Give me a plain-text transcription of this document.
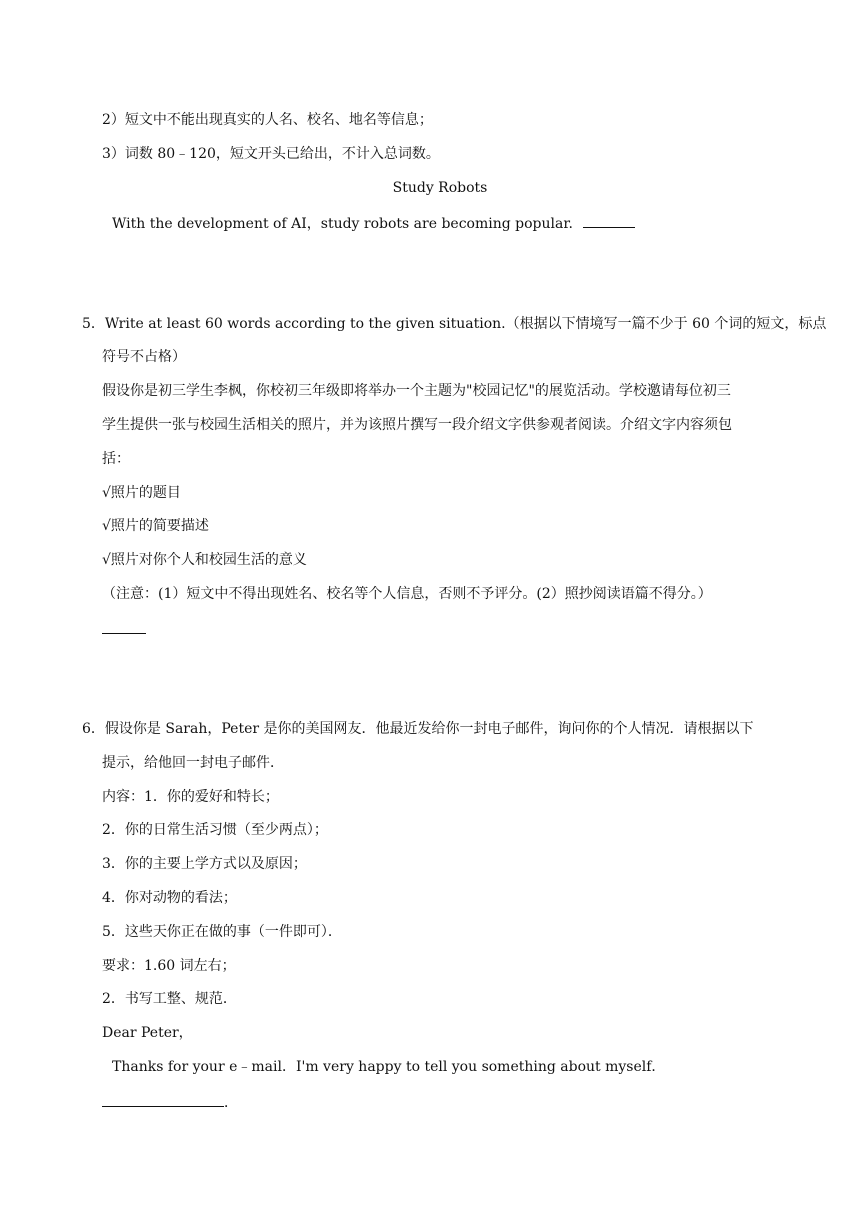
2）短文中不能出现真实的人名、校名、地名等信息；
3）词数 80﹣120，短文开头已给出，不计入总词数。
Study Robots
With the development of AI，study robots are becoming popular.
5．Write at least 60 words according to the given situation.（根据以下情境写一篇不少于 60 个词的短文，标点
符号不占格）
假设你是初三学生李枫，你校初三年级即将举办一个主题为"校园记忆"的展览活动。学校邀请每位初三
学生提供一张与校园生活相关的照片，并为该照片撰写一段介绍文字供参观者阅读。介绍文字内容须包
括：
√照片的题目
√照片的简要描述
√照片对你个人和校园生活的意义
（注意：(1）短文中不得出现姓名、校名等个人信息，否则不予评分。(2）照抄阅读语篇不得分。）
6．假设你是 Sarah，Peter 是你的美国网友．他最近发给你一封电子邮件，询问你的个人情况．请根据以下
提示，给他回一封电子邮件．
内容：1．你的爱好和特长；
2．你的日常生活习惯（至少两点）；
3．你的主要上学方式以及原因；
4．你对动物的看法；
5．这些天你正在做的事（一件即可）．
要求：1.60 词左右；
2．书写工整、规范．
Dear Peter，
Thanks for your e﹣mail．I'm very happy to tell you something about myself．
．
